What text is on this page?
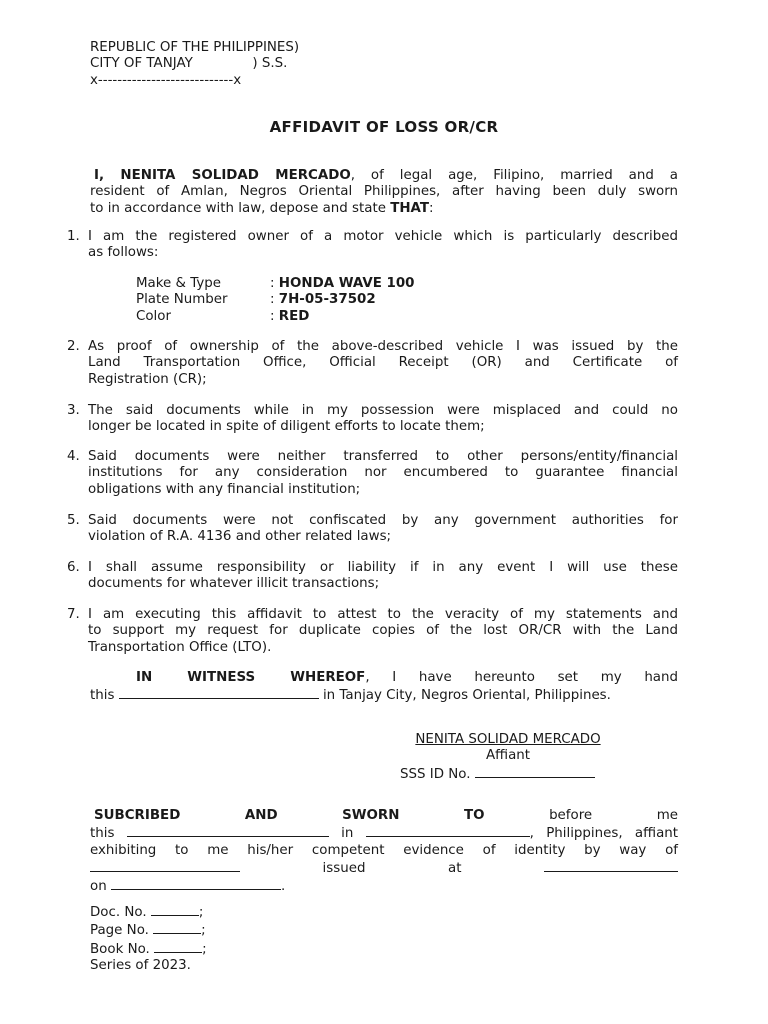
REPUBLIC OF THE PHILIPPINES)
CITY OF TANJAY              ) S.S.
x----------------------------x
AFFIDAVIT OF LOSS OR/CR
I, NENITA SOLIDAD MERCADO, of legal age, Filipino, married and a
resident of Amlan, Negros Oriental Philippines, after having been duly sworn
to in accordance with law, depose and state THAT:
1. I am the registered owner of a motor vehicle which is particularly described
as follows:
Make & Type	: HONDA WAVE 100
Plate Number	: 7H-05-37502
Color	: RED
2. As proof of ownership of the above-described vehicle I was issued by the
Land Transportation Office, Official Receipt (OR) and Certificate of
Registration (CR);
3. The said documents while in my possession were misplaced and could no
longer be located in spite of diligent efforts to locate them;
4. Said documents were neither transferred to other persons/entity/financial
institutions for any consideration nor encumbered to guarantee financial
obligations with any financial institution;
5. Said documents were not confiscated by any government authorities for
violation of R.A. 4136 and other related laws;
6. I shall assume responsibility or liability if in any event I will use these
documents for whatever illicit transactions;
7. I am executing this affidavit to attest to the veracity of my statements and
to support my request for duplicate copies of the lost OR/CR with the Land
Transportation Office (LTO).
IN WITNESS WHEREOF, I have hereunto set my hand
this	in Tanjay City, Negros Oriental, Philippines.
NENITA SOLIDAD MERCADO
Affiant
SSS ID No.
SUBCRIBED	AND	SWORN	TO	before	me
this	in	, Philippines, affiant
exhibiting to me his/her competent evidence of identity by way of
issued	at
on	.
Doc. No.	;
Page No.	;
Book No.	;
Series of 2023.
